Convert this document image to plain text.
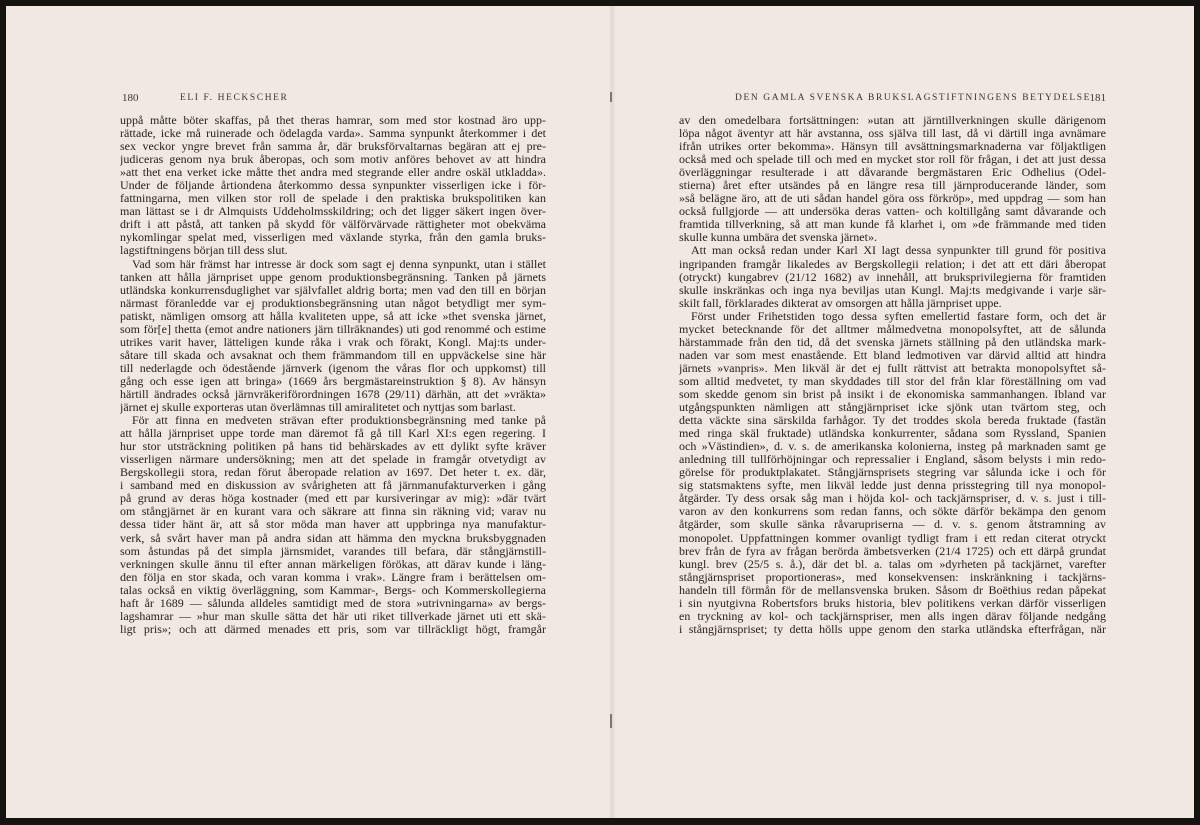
180	ELI F. HECKSCHER
uppå måtte böter skaffas, på thet theras hamrar, som med stor kostnad äro upp-
rättade, icke må ruinerade och ödelagda varda». Samma synpunkt återkommer i det
sex veckor yngre brevet från samma år, där bruksförvaltarnas begäran att ej pre-
judiceras genom nya bruk åberopas, och som motiv anföres behovet av att hindra
»att thet ena verket icke måtte thet andra med stegrande eller andre oskäl utkladda».
Under de följande årtiondena återkommo dessa synpunkter visserligen icke i för-
fattningarna, men vilken stor roll de spelade i den praktiska brukspolitiken kan
man lättast se i dr Almquists Uddeholmsskildring; och det ligger säkert ingen över-
drift i att påstå, att tanken på skydd för välförvärvade rättigheter mot obekväma
nykomlingar spelat med, visserligen med växlande styrka, från den gamla bruks-
lagstiftningens början till dess slut.
Vad som här främst har intresse är dock som sagt ej denna synpunkt, utan i stället
tanken att hålla järnpriset uppe genom produktionsbegränsning. Tanken på järnets
utländska konkurrensduglighet var självfallet aldrig borta; men vad den till en början
närmast föranledde var ej produktionsbegränsning utan något betydligt mer sym-
patiskt, nämligen omsorg att hålla kvaliteten uppe, så att icke »thet svenska järnet,
som för[e] thetta (emot andre nationers järn tillräknandes) uti god renommé och estime
utrikes varit haver, lätteligen kunde råka i vrak och förakt, Kongl. Maj:ts under-
såtare till skada och avsaknat och them främmandom till en uppväckelse sine här
till nederlagde och ödestående järnverk (igenom the våras flor och uppkomst) till
gång och esse igen att bringa» (1669 års bergmästareinstruktion § 8). Av hänsyn
härtill ändrades också järnvräkeriförordningen 1678 (29/11) därhän, att det »vräkta»
järnet ej skulle exporteras utan överlämnas till amiralitetet och nyttjas som barlast.
För att finna en medveten strävan efter produktionsbegränsning med tanke på
att hålla järnpriset uppe torde man däremot få gå till Karl XI:s egen regering. I
hur stor utsträckning politiken på hans tid behärskades av ett dylikt syfte kräver
visserligen närmare undersökning; men att det spelade in framgår otvetydigt av
Bergskollegii stora, redan förut åberopade relation av 1697. Det heter t. ex. där,
i samband med en diskussion av svårigheten att få järnmanufakturverken i gång
på grund av deras höga kostnader (med ett par kursiveringar av mig): »där tvärt
om stångjärnet är en kurant vara och säkrare att finna sin räkning vid; varav nu
dessa tider hänt är, att så stor möda man haver att uppbringa nya manufaktur-
verk, så svårt haver man på andra sidan att hämma den myckna bruksbyggnaden
som åstundas på det simpla järnsmidet, varandes till befara, där stångjärnstill-
verkningen skulle ännu til efter annan märkeligen förökas, att därav kunde i läng-
den följa en stor skada, och varan komma i vrak». Längre fram i berättelsen om-
talas också en viktig överläggning, som Kammar-, Bergs- och Kommerskollegierna
haft år 1689 — sålunda alldeles samtidigt med de stora »utrivningarna» av bergs-
lagshamrar — »hur man skulle sätta det här uti riket tillverkade järnet uti ett skä-
ligt pris»; och att därmed menades ett pris, som var tillräckligt högt, framgår
DEN GAMLA SVENSKA BRUKSLAGSTIFTNINGENS BETYDELSE
181
av den omedelbara fortsättningen: »utan att järntillverkningen skulle därigenom
löpa något äventyr att här avstanna, oss själva till last, då vi därtill inga avnämare
ifrån utrikes orter bekomma». Hänsyn till avsättningsmarknaderna var följaktligen
också med och spelade till och med en mycket stor roll för frågan, i det att just dessa
överläggningar resulterade i att dåvarande bergmästaren Eric Odhelius (Odel-
stierna) året efter utsändes på en längre resa till järnproducerande länder, som
»så belägne äro, att de uti sådan handel göra oss förkröp», med uppdrag — som han
också fullgjorde — att undersöka deras vatten- och koltillgång samt dåvarande och
framtida tillverkning, så att man kunde få klarhet i, om »de främmande med tiden
skulle kunna umbära det svenska järnet».
Att man också redan under Karl XI lagt dessa synpunkter till grund för positiva
ingripanden framgår likaledes av Bergskollegii relation; i det att ett däri åberopat
(otryckt) kungabrev (21/12 1682) av innehåll, att bruksprivilegierna för framtiden
skulle inskränkas och inga nya beviljas utan Kungl. Maj:ts medgivande i varje sär-
skilt fall, förklarades dikterat av omsorgen att hålla järnpriset uppe.
Först under Frihetstiden togo dessa syften emellertid fastare form, och det är
mycket betecknande för det alltmer målmedvetna monopolsyftet, att de sålunda
härstammade från den tid, då det svenska järnets ställning på den utländska mark-
naden var som mest enastående. Ett bland ledmotiven var därvid alltid att hindra
järnets »vanpris». Men likväl är det ej fullt rättvist att betrakta monopolsyftet så-
som alltid medvetet, ty man skyddades till stor del från klar föreställning om vad
som skedde genom sin brist på insikt i de ekonomiska sammanhangen. Ibland var
utgångspunkten nämligen att stångjärnpriset icke sjönk utan tvärtom steg, och
detta väckte sina särskilda farhågor. Ty det troddes skola bereda fruktade (fastän
med ringa skäl fruktade) utländska konkurrenter, sådana som Ryssland, Spanien
och »Västindien», d. v. s. de amerikanska kolonierna, insteg på marknaden samt ge
anledning till tullförhöjningar och repressalier i England, såsom belysts i min redo-
görelse för produktplakatet. Stångjärnsprisets stegring var sålunda icke i och för
sig statsmaktens syfte, men likväl ledde just denna prisstegring till nya monopol-
åtgärder. Ty dess orsak såg man i höjda kol- och tackjärnspriser, d. v. s. just i till-
varon av den konkurrens som redan fanns, och sökte därför bekämpa den genom
åtgärder, som skulle sänka råvarupriserna — d. v. s. genom åtstramning av
monopolet. Uppfattningen kommer ovanligt tydligt fram i ett redan citerat otryckt
brev från de fyra av frågan berörda ämbetsverken (21/4 1725) och ett därpå grundat
kungl. brev (25/5 s. å.), där det bl. a. talas om »dyrheten på tackjärnet, varefter
stångjärnspriset proportioneras», med konsekvensen: inskränkning i tackjärns-
handeln till förmån för de mellansvenska bruken. Såsom dr Boëthius redan påpekat
i sin nyutgivna Robertsfors bruks historia, blev politikens verkan därför visserligen
en tryckning av kol- och tackjärnspriser, men alls ingen därav följande nedgång
i stångjärnspriset; ty detta hölls uppe genom den starka utländska efterfrågan, när
